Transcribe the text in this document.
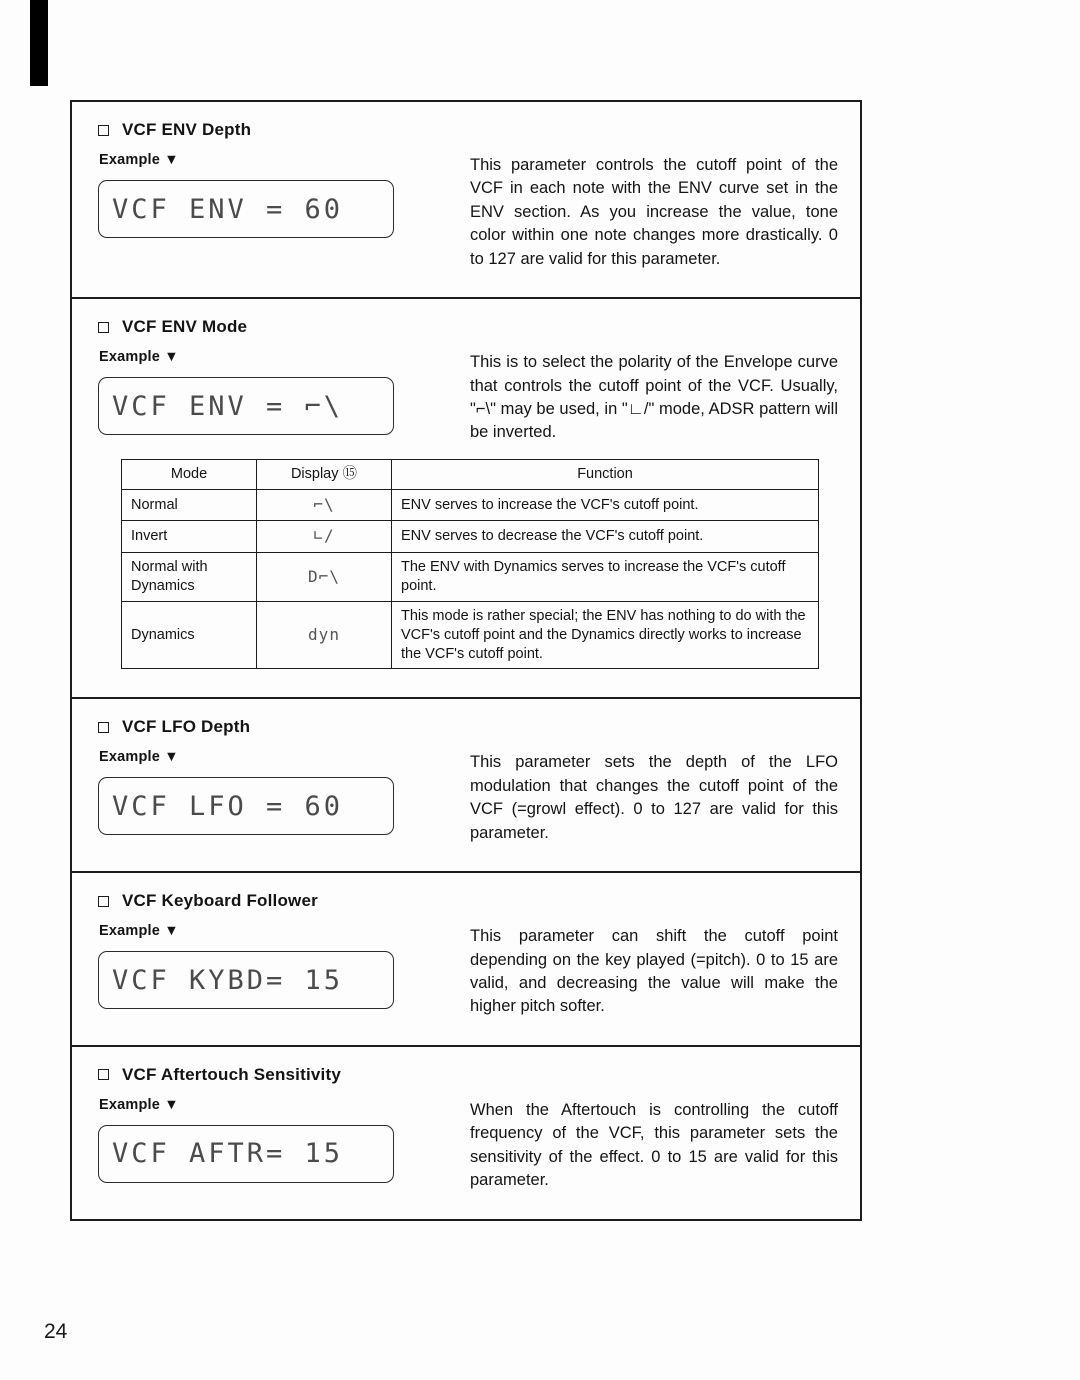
VCF ENV Depth
Example ▼
VCF ENV = 60
This parameter controls the cutoff point of the VCF in each note with the ENV curve set in the ENV section. As you increase the value, tone color within one note changes more drastically. 0 to 127 are valid for this parameter.
VCF ENV Mode
Example ▼
VCF ENV = ⌐\
This is to select the polarity of the Envelope curve that controls the cutoff point of the VCF. Usually, "⌐\" may be used, in "∟/" mode, ADSR pattern will be inverted.
Mode	Display ⑮	Function
Normal	⌐\	ENV serves to increase the VCF's cutoff point.
Invert	∟/	ENV serves to decrease the VCF's cutoff point.
Normal with Dynamics	D⌐\	The ENV with Dynamics serves to increase the VCF's cutoff point.
Dynamics	dyn	This mode is rather special; the ENV has nothing to do with the VCF's cutoff point and the Dynamics directly works to increase the VCF's cutoff point.
VCF LFO Depth
Example ▼
VCF LFO = 60
This parameter sets the depth of the LFO modulation that changes the cutoff point of the VCF (=growl effect). 0 to 127 are valid for this parameter.
VCF Keyboard Follower
Example ▼
VCF KYBD= 15
This parameter can shift the cutoff point depending on the key played (=pitch). 0 to 15 are valid, and decreasing the value will make the higher pitch softer.
VCF Aftertouch Sensitivity
Example ▼
VCF AFTR= 15
When the Aftertouch is controlling the cutoff frequency of the VCF, this parameter sets the sensitivity of the effect. 0 to 15 are valid for this parameter.
24
